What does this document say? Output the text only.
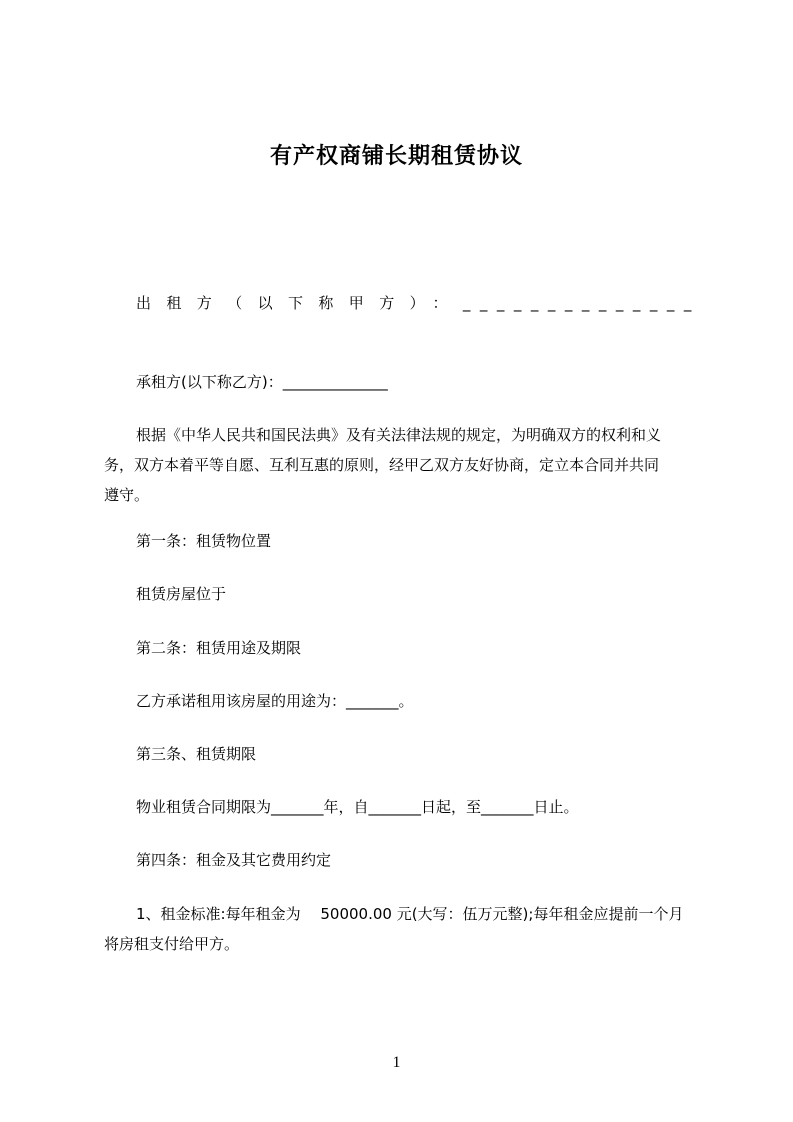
有产权商铺长期租赁协议
出租方（以下称甲方）：______________
承租方(以下称乙方)：______________
根据《中华人民共和国民法典》及有关法律法规的规定，为明确双方的权利和义
务，双方本着平等自愿、互利互惠的原则，经甲乙双方友好协商，定立本合同并共同
遵守。
第一条：租赁物位置
租赁房屋位于
第二条：租赁用途及期限
乙方承诺租用该房屋的用途为：_______。
第三条、租赁期限
物业租赁合同期限为_______年，自_______日起，至_______日止。
第四条：租金及其它费用约定
1、租金标准:每年租金为　 50000.00 元(大写：伍万元整);每年租金应提前一个月
将房租支付给甲方。
1
